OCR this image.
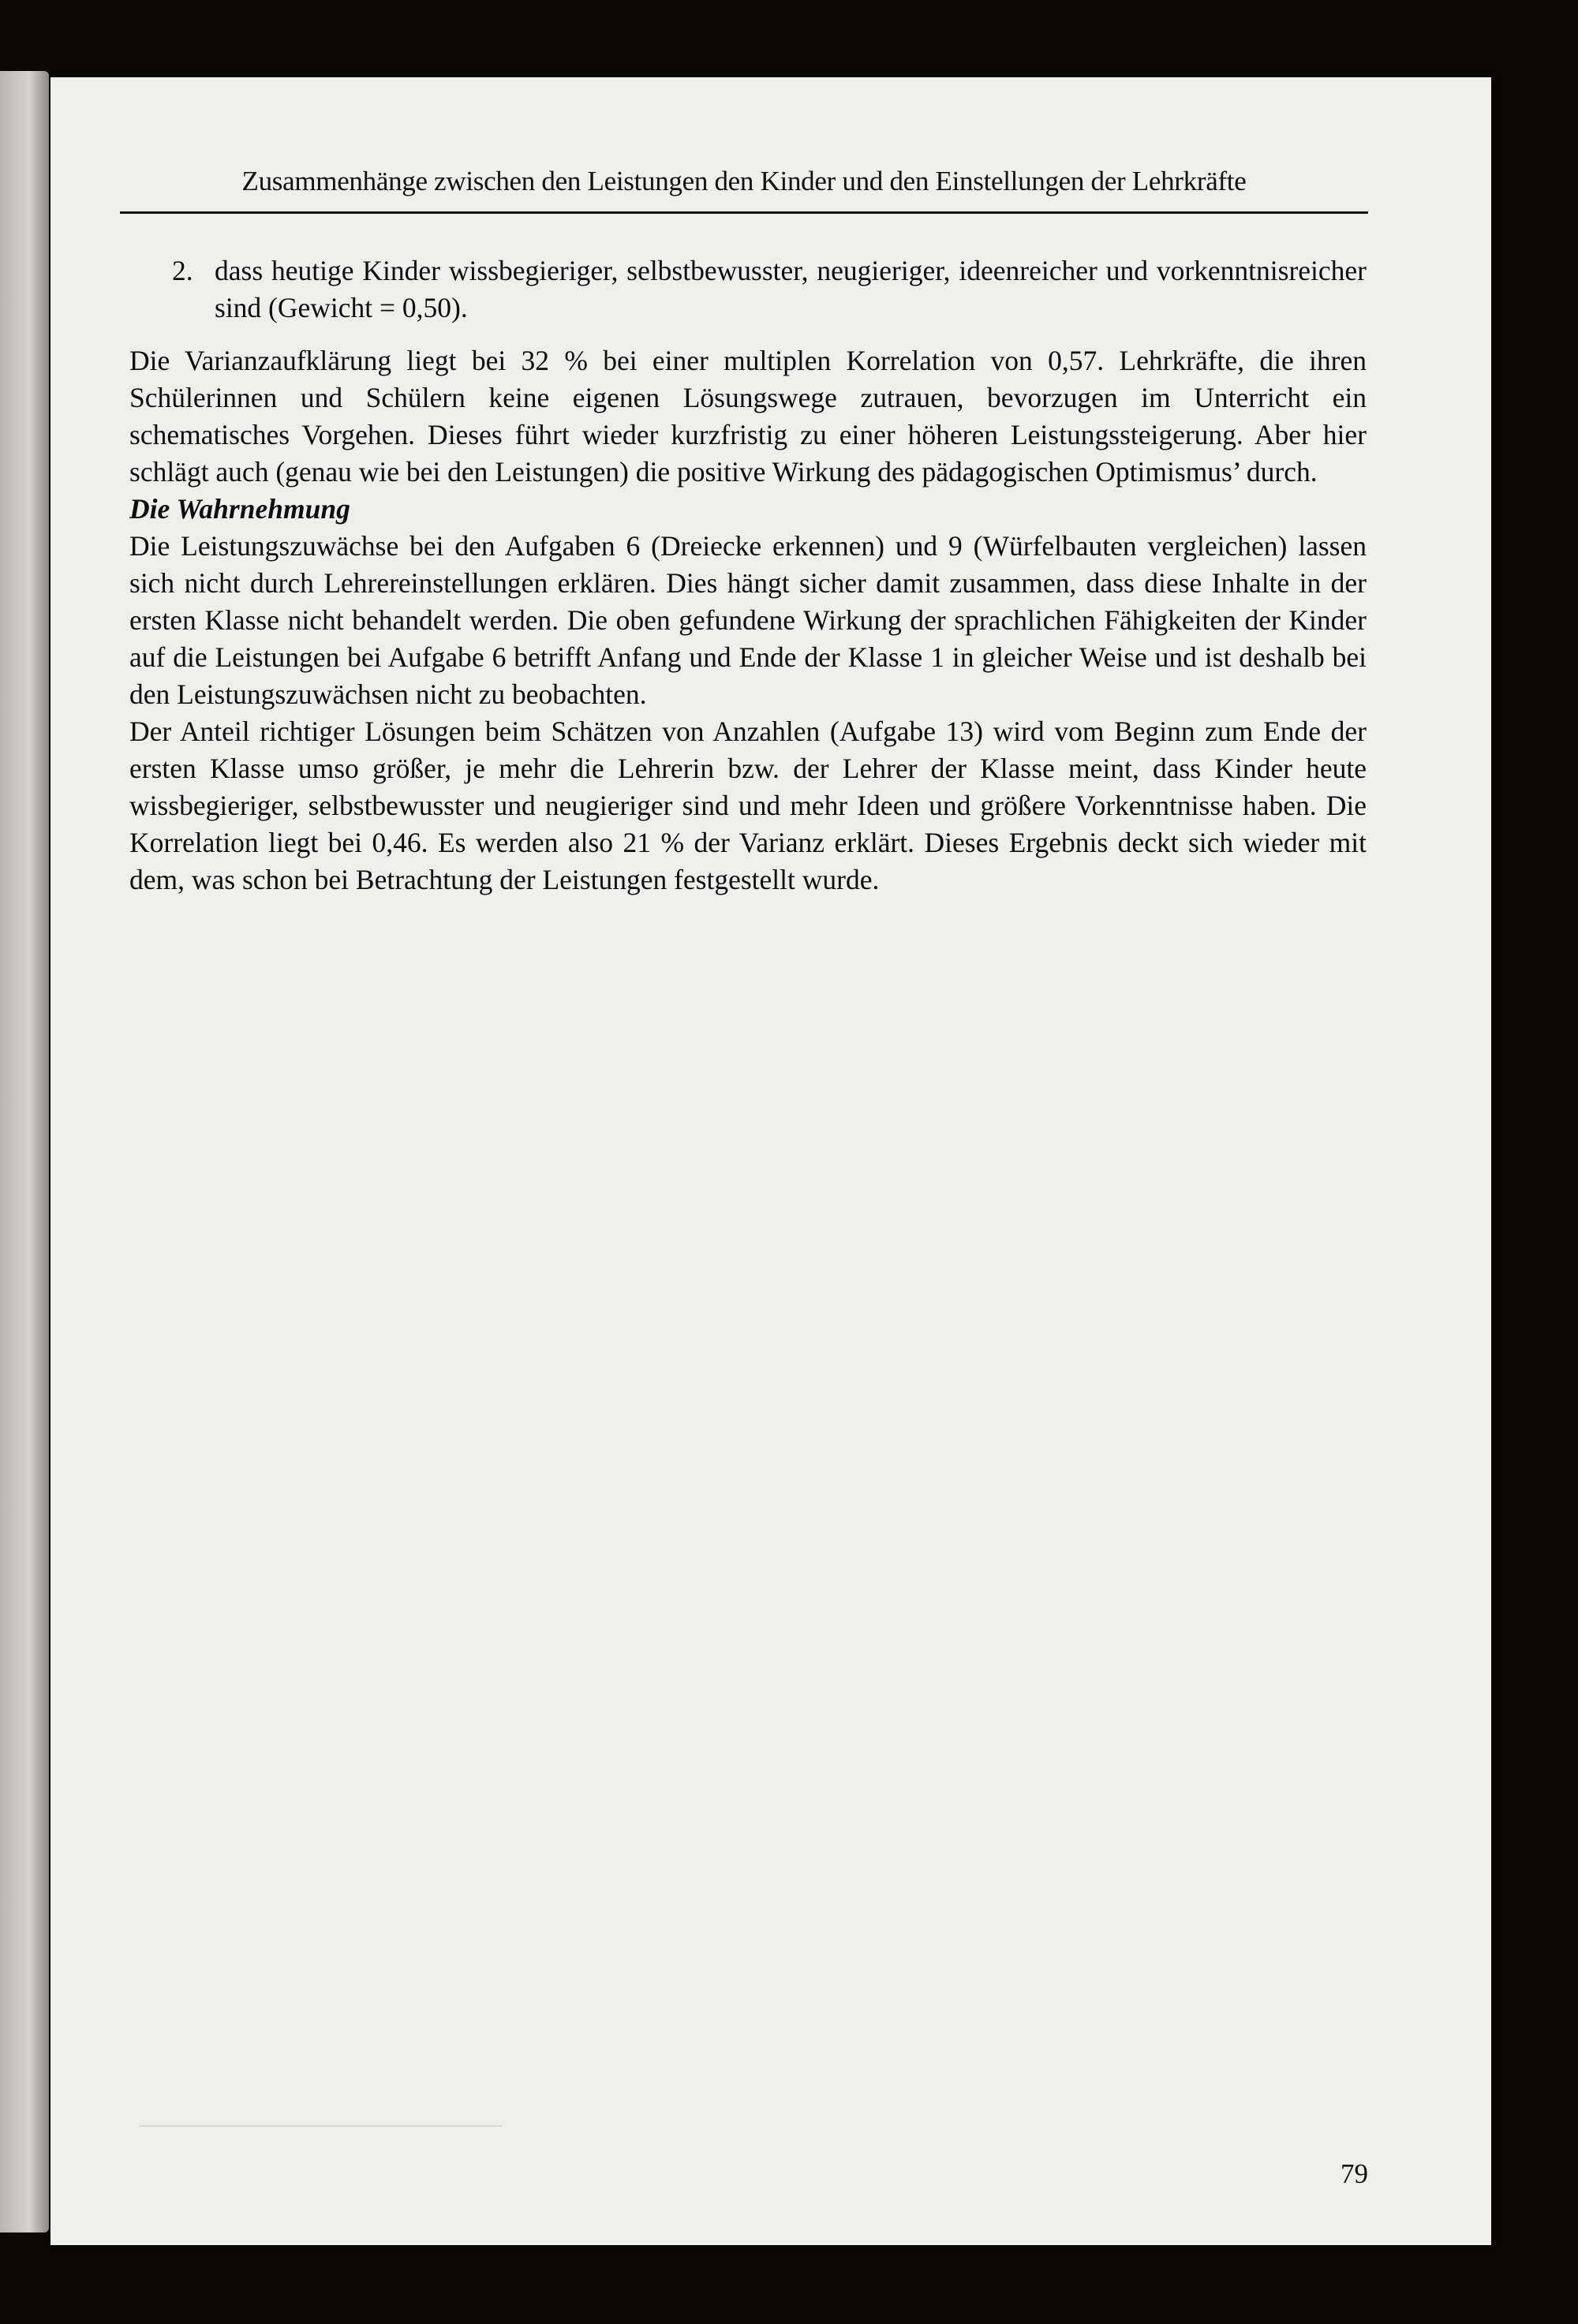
Zusammenhänge zwischen den Leistungen den Kinder und den Einstellungen der Lehrkräfte
2. dass heutige Kinder wissbegieriger, selbstbewusster, neugieriger, ideenreicher und vorkenntnisreicher sind (Gewicht = 0,50).

Die Varianzaufklärung liegt bei 32 % bei einer multiplen Korrelation von 0,57. Lehrkräfte, die ihren Schülerinnen und Schülern keine eigenen Lösungswege zutrauen, bevorzugen im Unterricht ein schematisches Vorgehen. Dieses führt wieder kurzfristig zu einer höheren Leistungssteigerung. Aber hier schlägt auch (genau wie bei den Leistungen) die positive Wirkung des pädagogischen Optimismus’ durch.

Die Wahrnehmung

Die Leistungszuwächse bei den Aufgaben 6 (Dreiecke erkennen) und 9 (Würfelbauten vergleichen) lassen sich nicht durch Lehrereinstellungen erklären. Dies hängt sicher damit zusammen, dass diese Inhalte in der ersten Klasse nicht behandelt werden. Die oben gefundene Wirkung der sprachlichen Fähigkeiten der Kinder auf die Leistungen bei Aufgabe 6 betrifft Anfang und Ende der Klasse 1 in gleicher Weise und ist deshalb bei den Leistungszuwächsen nicht zu beobachten.

Der Anteil richtiger Lösungen beim Schätzen von Anzahlen (Aufgabe 13) wird vom Beginn zum Ende der ersten Klasse umso größer, je mehr die Lehrerin bzw. der Lehrer der Klasse meint, dass Kinder heute wissbegieriger, selbstbewusster und neugieriger sind und mehr Ideen und größere Vorkenntnisse haben. Die Korrelation liegt bei 0,46. Es werden also 21 % der Varianz erklärt. Dieses Ergebnis deckt sich wieder mit dem, was schon bei Betrachtung der Leistungen festgestellt wurde.

79
